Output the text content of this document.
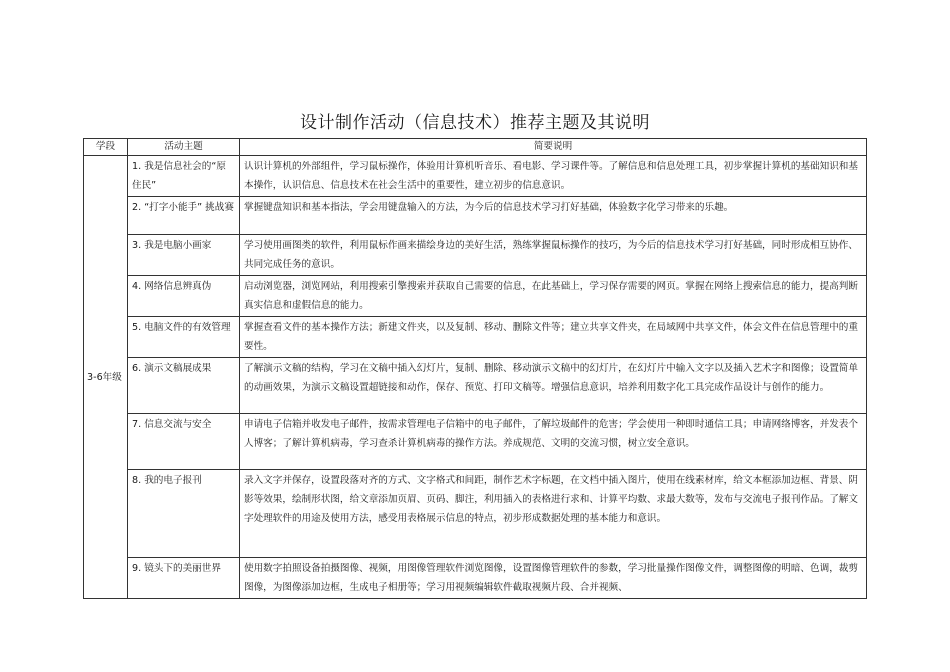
设计制作活动（信息技术）推荐主题及其说明
学段	活动主题	简要说明
3-6年级	1. 我是信息社会的“原住民”	认识计算机的外部组件，学习鼠标操作，体验用计算机听音乐、看电影、学习课件等。了解信息和信息处理工具，初步掌握计算机的基础知识和基本操作，认识信息、信息技术在社会生活中的重要性，建立初步的信息意识。
	2. “打字小能手” 挑战赛	掌握键盘知识和基本指法，学会用键盘输入的方法，为今后的信息技术学习打好基础，体验数字化学习带来的乐趣。
	3. 我是电脑小画家	学习使用画图类的软件，利用鼠标作画来描绘身边的美好生活，熟练掌握鼠标操作的技巧，为今后的信息技术学习打好基础，同时形成相互协作、共同完成任务的意识。
	4. 网络信息辨真伪	启动浏览器，浏览网站，利用搜索引擎搜索并获取自己需要的信息，在此基础上，学习保存需要的网页。掌握在网络上搜索信息的能力，提高判断真实信息和虚假信息的能力。
	5. 电脑文件的有效管理	掌握查看文件的基本操作方法；新建文件夹，以及复制、移动、删除文件等；建立共享文件夹，在局域网中共享文件，体会文件在信息管理中的重要性。
	6. 演示文稿展成果	了解演示文稿的结构，学习在文稿中插入幻灯片，复制、删除、移动演示文稿中的幻灯片，在幻灯片中输入文字以及插入艺术字和图像；设置简单的动画效果，为演示文稿设置超链接和动作，保存、预览、打印文稿等。增强信息意识，培养利用数字化工具完成作品设计与创作的能力。
	7. 信息交流与安全	申请电子信箱并收发电子邮件，按需求管理电子信箱中的电子邮件，了解垃圾邮件的危害；学会使用一种即时通信工具；申请网络博客，并发表个人博客；了解计算机病毒，学习查杀计算机病毒的操作方法。养成规范、文明的交流习惯，树立安全意识。
	8. 我的电子报刊	录入文字并保存，设置段落对齐的方式、文字格式和间距，制作艺术字标题，在文档中插入图片，使用在线素材库，给文本框添加边框、背景、阴影等效果，绘制形状图，给文章添加页眉、页码、脚注，利用插入的表格进行求和、计算平均数、求最大数等，发布与交流电子报刊作品。了解文字处理软件的用途及使用方法，感受用表格展示信息的特点，初步形成数据处理的基本能力和意识。
	9. 镜头下的美丽世界	使用数字拍照设备拍摄图像、视频，用图像管理软件浏览图像，设置图像管理软件的参数，学习批量操作图像文件，调整图像的明暗、色调，裁剪图像，为图像添加边框，生成电子相册等；学习用视频编辑软件截取视频片段、合并视频、
